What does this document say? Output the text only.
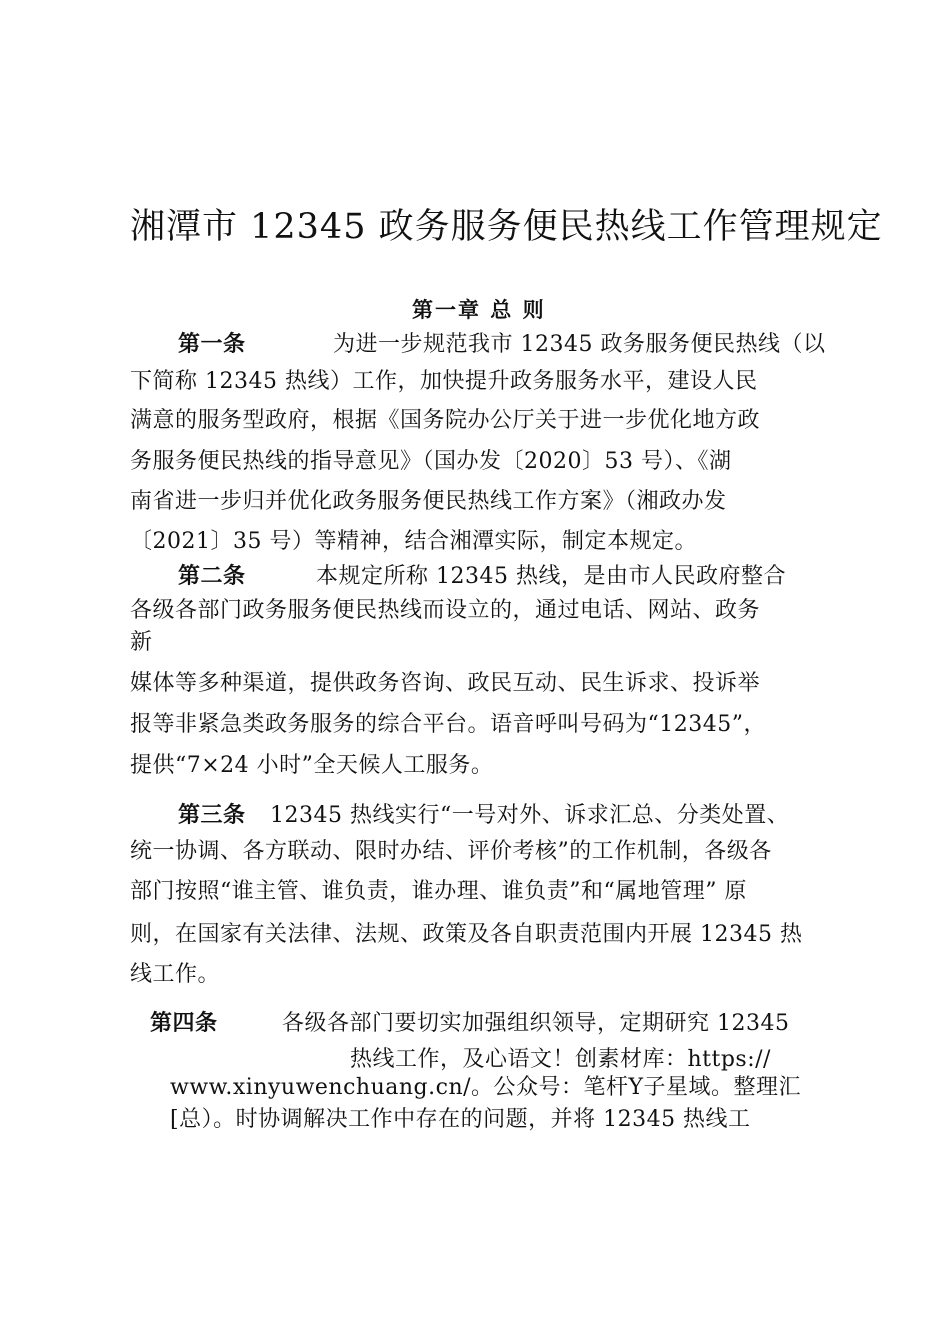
湘潭市 12345 政务服务便民热线工作管理规定
第一章 总 则
第一条	为进一步规范我市 12345 政务服务便民热线（以
下简称 12345 热线）工作，加快提升政务服务水平，建设人民
满意的服务型政府，根据《国务院办公厅关于进一步优化地方政
务服务便民热线的指导意见》（国办发〔2020〕53 号）、《湖
南省进一步归并优化政务服务便民热线工作方案》（湘政办发
〔2021〕35 号）等精神，结合湘潭实际，制定本规定。
第二条	本规定所称 12345 热线，是由市人民政府整合
各级各部门政务服务便民热线而设立的，通过电话、网站、政务
新
媒体等多种渠道，提供政务咨询、政民互动、民生诉求、投诉举
报等非紧急类政务服务的综合平台。语音呼叫号码为“12345”，
提供“7×24 小时”全天候人工服务。
第三条 12345 热线实行“一号对外、诉求汇总、分类处置、
统一协调、各方联动、限时办结、评价考核”的工作机制，各级各
部门按照“谁主管、谁负责，谁办理、谁负责”和“属地管理” 原
则，在国家有关法律、法规、政策及各自职责范围内开展 12345 热
线工作。
第四条	各级各部门要切实加强组织领导，定期研究 12345
热线工作，及心语文！创素材库：https://
www.xinyuwenchuang.cn/。公众号：笔杆Y子星域。整理汇
[总）。时协调解决工作中存在的问题，并将 12345 热线工
